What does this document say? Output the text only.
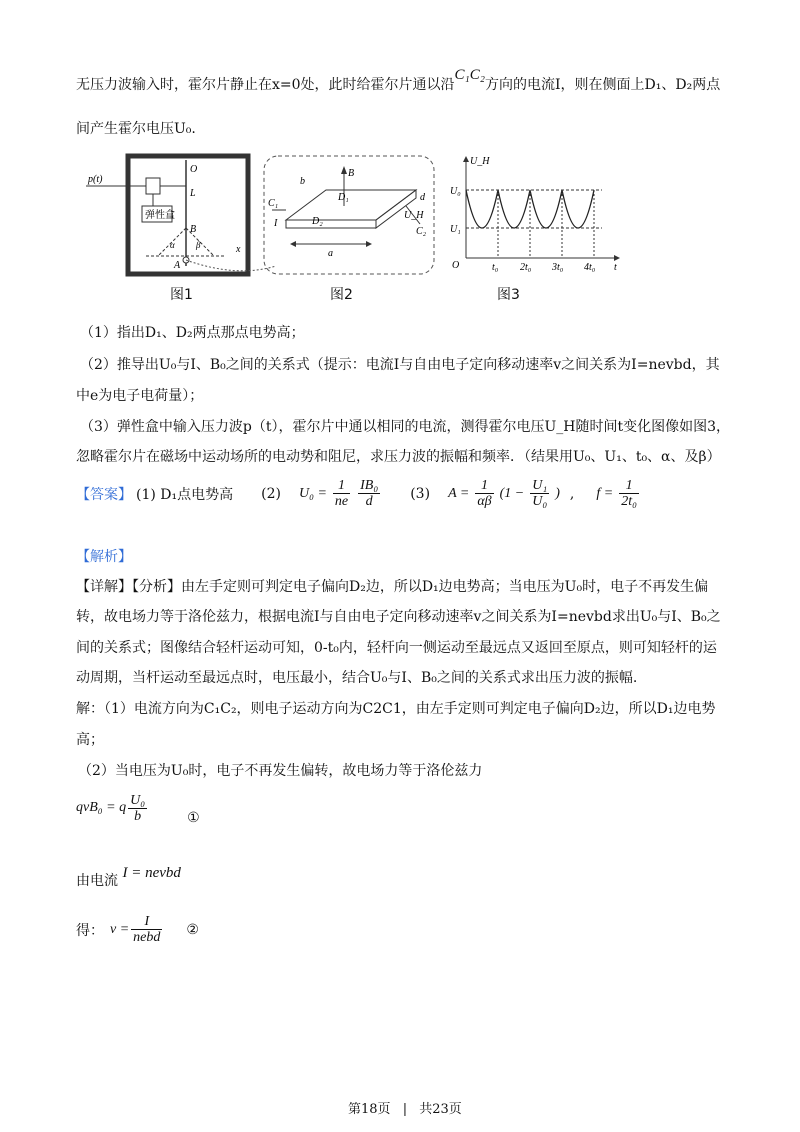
无压力波输入时，霍尔片静止在x=0处，此时给霍尔片通以沿C₁C₂方向的电流I，则在侧面上D₁、D₂两点
间产生霍尔电压U₀.
p(t)
O
L
弹性盒
B
A
x
α β
B
b
C₁
I
D₁
D₂
d
U_H
C₂
a
U_H
U₀
U₁
O	t₀ 2t₀ 3t₀ 4t₀ t
图1	图2	图3
（1）指出D₁、D₂两点那点电势高；
（2）推导出U₀与I、B₀之间的关系式（提示：电流I与自由电子定向移动速率v之间关系为I=nevbd，其
中e为电子电荷量）；
（3）弹性盒中输入压力波p（t），霍尔片中通以相同的电流，测得霍尔电压U_H随时间t变化图像如图3，
忽略霍尔片在磁场中运动场所的电动势和阻尼，求压力波的振幅和频率．（结果用U₀、U₁、t₀、α、及β）
【答案】 (1) D₁点电势高 (2) $U_0 = \frac{1}{ne} \frac{\text{IB₀}}{d} (3) A = \frac{1}{\alpha\beta} (1 - \frac{\text{U₁}}{\text{U₀}}$ ) , $f = \frac{1}{\text{2t₀}}$
【解析】
【详解】【分析】由左手定则可判定电子偏向D₂边，所以D₁边电势高；当电压为U₀时，电子不再发生偏
转，故电场力等于洛伦兹力，根据电流I与自由电子定向移动速率v之间关系为I=nevbd求出U₀与I、B₀之
间的关系式；图像结合轻杆运动可知，0-t₀内，轻杆向一侧运动至最远点又返回至原点，则可知轻杆的运
动周期，当杆运动至最远点时，电压最小，结合U₀与I、B₀之间的关系式求出压力波的振幅.
解：（1）电流方向为C₁C₂，则电子运动方向为C2C1，由左手定则可判定电子偏向D₂边，所以D₁边电势
高；
（2）当电压为U₀时，电子不再发生偏转，故电场力等于洛伦兹力
qvB₀ = q $\frac{\text{U₀}}{b}$	①
由电流 I = nevbd
得： $v = \frac{I}{\text{nebd}}$ ②
第18页 | 共23页
